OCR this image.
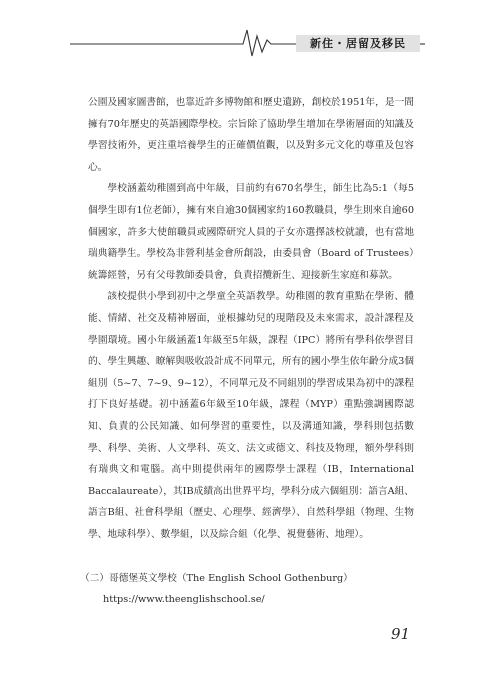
新住・居留及移民

公園及國家圖書館，也靠近許多博物館和歷史遺跡，創校於1951年，是一間擁有70年歷史的英語國際學校。宗旨除了協助學生增加在學術層面的知識及學習技術外，更注重培養學生的正確價值觀，以及對多元文化的尊重及包容心。

學校涵蓋幼稚園到高中年級，目前約有670名學生，師生比為5:1（每5個學生即有1位老師），擁有來自逾30個國家約160教職員，學生則來自逾60個國家，許多大使館職員或國際研究人員的子女亦選擇該校就讀，也有當地瑞典籍學生。學校為非營利基金會所創設，由委員會（Board of Trustees）統籌經營，另有父母教師委員會，負責招攬新生、迎接新生家庭和募款。

該校提供小學到初中之學童全英語教學。幼稚園的教育重點在學術、體能、情緒、社交及精神層面，並根據幼兒的現階段及未來需求，設計課程及學園環境。國小年級涵蓋1年級至5年級，課程（IPC）將所有學科依學習目的、學生興趣、瞭解與吸收設計成不同單元，所有的國小學生依年齡分成3個組別（5~7、7~9、9~12），不同單元及不同組別的學習成果為初中的課程打下良好基礎。初中涵蓋6年級至10年級，課程（MYP）重點強調國際認知、負責的公民知識、如何學習的重要性，以及溝通知識，學科則包括數學、科學、美術、人文學科、英文、法文或德文、科技及物理，額外學科則有瑞典文和電腦。高中則提供兩年的國際學士課程（IB，International Baccalaureate），其IB成績高出世界平均，學科分成六個組別：語言A組、語言B組、社會科學組（歷史、心理學、經濟學）、自然科學組（物理、生物學、地球科學）、數學組，以及綜合組（化學、視覺藝術、地理）。

（二）哥德堡英文學校（The English School Gothenburg）
https://www.theenglishschool.se/
91
